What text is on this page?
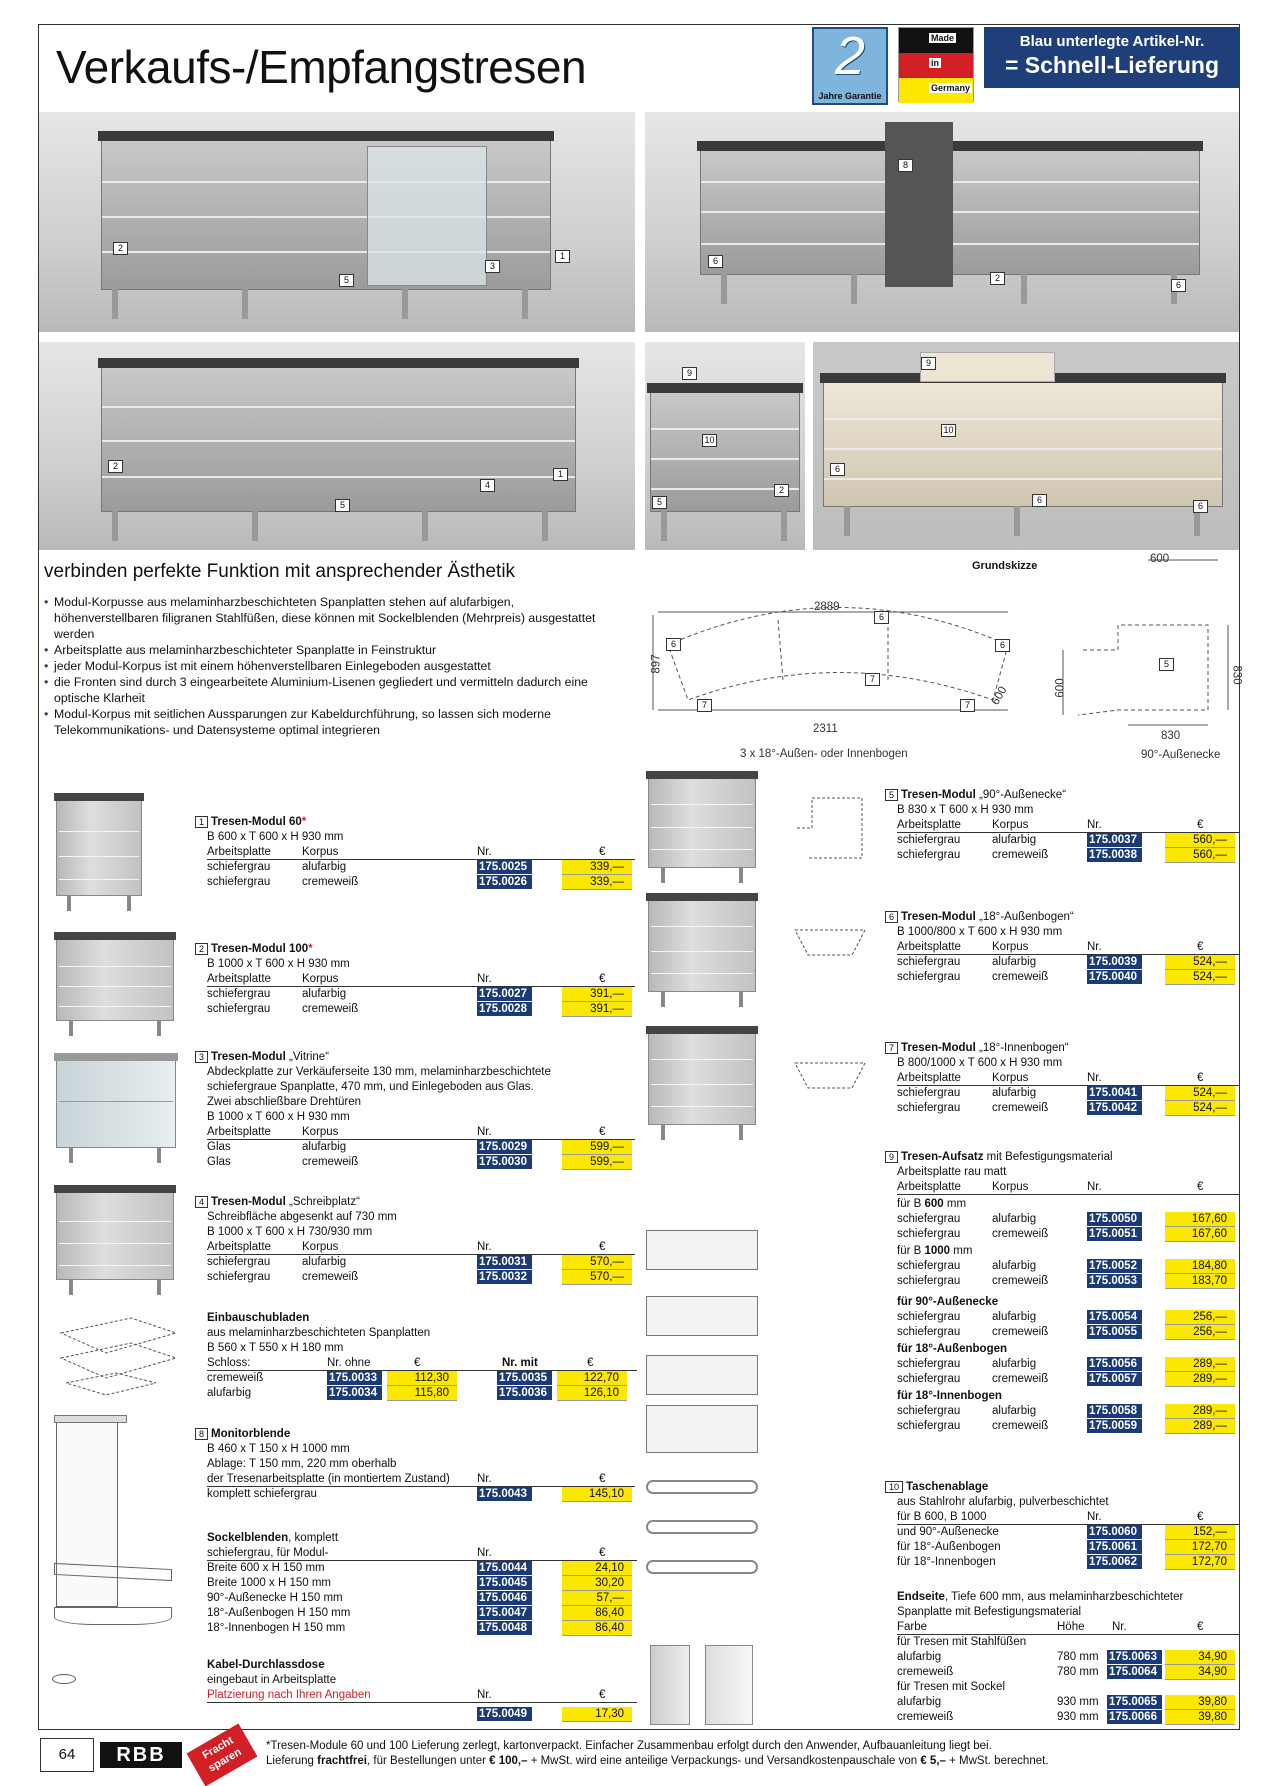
Verkaufs-/Empfangstresen	2
Jahre Garantie
Made
in
Germany
Blau unterlegte Artikel-Nr.
= Schnell-Lieferung
2
5
3
1
8
6
2
6
2
5
4
1
9
10
5
2
9
10
6
6
6
verbinden perfekte Funktion mit ansprechender Ästhetik
• Modul-Korpusse aus melaminharzbeschichteten Spanplatten stehen auf alufarbigen, höhenverstellbaren filigranen Stahlfüßen, diese können mit Sockelblenden (Mehrpreis) ausgestattet werden
• Arbeitsplatte aus melaminharzbeschichteter Spanplatte in Feinstruktur
• jeder Modul-Korpus ist mit einem höhenverstellbaren Einlegeboden ausgestattet
• die Fronten sind durch 3 eingearbeitete Aluminium-Lisenen gegliedert und vermitteln dadurch eine optische Klarheit
• Modul-Korpus mit seitlichen Aussparungen zur Kabeldurchführung, so lassen sich moderne Telekommunikations- und Datensysteme optimal integrieren
Grundskizze
600
2889
897
600
2311
3 x 18°-Außen- oder Innenbogen
600
830
830
90°-Außenecke
6
6
6
7
7
7
5
1 Tresen-Modul 60*
B 600 x T 600 x H 930 mm
Arbeitsplatte	Korpus	Nr.	€
schiefergrau	alufarbig	175.0025	339,—
schiefergrau	cremeweiß	175.0026	339,—
2 Tresen-Modul 100*
B 1000 x T 600 x H 930 mm
Arbeitsplatte	Korpus	Nr.	€
schiefergrau	alufarbig	175.0027	391,—
schiefergrau	cremeweiß	175.0028	391,—
3 Tresen-Modul „Vitrine“
Abdeckplatte zur Verkäuferseite 130 mm, melaminharzbeschichtete
schiefergraue Spanplatte, 470 mm, und Einlegeboden aus Glas.
Zwei abschließbare Drehtüren
B 1000 x T 600 x H 930 mm
Arbeitsplatte	Korpus	Nr.	€
Glas	alufarbig	175.0029	599,—
Glas	cremeweiß	175.0030	599,—
4 Tresen-Modul „Schreibplatz“
Schreibfläche abgesenkt auf 730 mm
B 1000 x T 600 x H 730/930 mm
Arbeitsplatte	Korpus	Nr.	€
schiefergrau	alufarbig	175.0031	570,—
schiefergrau	cremeweiß	175.0032	570,—
Einbauschubladen
aus melaminharzbeschichteten Spanplatten
B 560 x T 550 x H 180 mm
Schloss:	Nr. ohne	€	Nr. mit	€
cremeweiß	175.0033	112,30	175.0035	122,70
alufarbig	175.0034	115,80	175.0036	126,10
8 Monitorblende
B 460 x T 150 x H 1000 mm
Ablage: T 150 mm, 220 mm oberhalb
der Tresenarbeitsplatte (in montiertem Zustand) Nr.	€
komplett schiefergrau	175.0043	145,10
Sockelblenden, komplett
schiefergrau, für Modul-	Nr.	€
Breite 600 x H 150 mm	175.0044	24,10
Breite 1000 x H 150 mm	175.0045	30,20
90°-Außenecke H 150 mm	175.0046	57,—
18°-Außenbogen H 150 mm	175.0047	86,40
18°-Innenbogen H 150 mm	175.0048	86,40
Kabel-Durchlassdose
eingebaut in Arbeitsplatte
Platzierung nach Ihren Angaben	Nr.	€
175.0049	17,30
5 Tresen-Modul „90°-Außenecke“
B 830 x T 600 x H 930 mm
Arbeitsplatte	Korpus	Nr.	€
schiefergrau	alufarbig	175.0037	560,—
schiefergrau	cremeweiß	175.0038	560,—
6 Tresen-Modul „18°-Außenbogen“
B 1000/800 x T 600 x H 930 mm
Arbeitsplatte	Korpus	Nr.	€
schiefergrau	alufarbig	175.0039	524,—
schiefergrau	cremeweiß	175.0040	524,—
7 Tresen-Modul „18°-Innenbogen“
B 800/1000 x T 600 x H 930 mm
Arbeitsplatte	Korpus	Nr.	€
schiefergrau	alufarbig	175.0041	524,—
schiefergrau	cremeweiß	175.0042	524,—
9 Tresen-Aufsatz mit Befestigungsmaterial
Arbeitsplatte rau matt
Arbeitsplatte	Korpus	Nr.	€
für B 600 mm
schiefergrau	alufarbig	175.0050	167,60
schiefergrau	cremeweiß	175.0051	167,60
für B 1000 mm
schiefergrau	alufarbig	175.0052	184,80
schiefergrau	cremeweiß	175.0053	183,70
für 90°-Außenecke
schiefergrau	alufarbig	175.0054	256,—
schiefergrau	cremeweiß	175.0055	256,—
für 18°-Außenbogen
schiefergrau	alufarbig	175.0056	289,—
schiefergrau	cremeweiß	175.0057	289,—
für 18°-Innenbogen
schiefergrau	alufarbig	175.0058	289,—
schiefergrau	cremeweiß	175.0059	289,—
10 Taschenablage
aus Stahlrohr alufarbig, pulverbeschichtet
für B 600, B 1000	Nr.	€
und 90°-Außenecke	175.0060	152,—
für 18°-Außenbogen	175.0061	172,70
für 18°-Innenbogen	175.0062	172,70
Endseite, Tiefe 600 mm, aus melaminharzbeschichteter
Spanplatte mit Befestigungsmaterial
Farbe	Höhe Nr.	€
für Tresen mit Stahlfüßen
alufarbig	780 mm 175.0063	34,90
cremeweiß	780 mm 175.0064	34,90
für Tresen mit Sockel
alufarbig	930 mm 175.0065	39,80
cremeweiß	930 mm 175.0066	39,80
64	RBB	Fracht sparen	*Tresen-Module 60 und 100 Lieferung zerlegt, kartonverpackt. Einfacher Zusammenbau erfolgt durch den Anwender, Aufbauanleitung liegt bei.
Lieferung frachtfrei, für Bestellungen unter € 100,– + MwSt. wird eine anteilige Verpackungs- und Versandkostenpauschale von € 5,– + MwSt. berechnet.
